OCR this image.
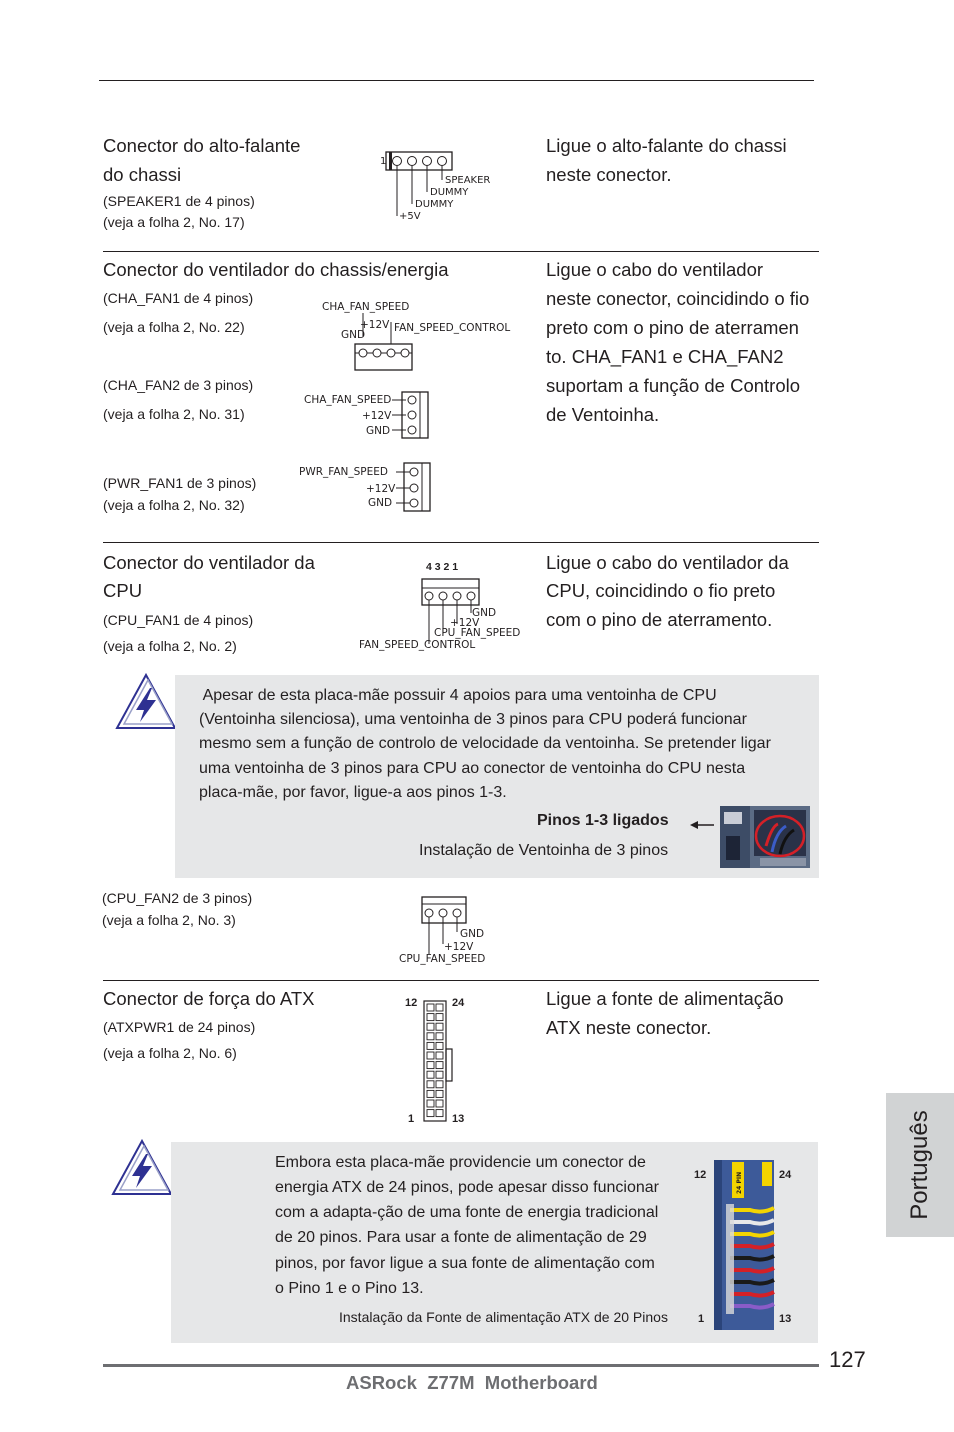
Conector do alto-falante
do chassi
(SPEAKER1 de 4 pinos)
(veja a folha 2, No. 17)
Ligue o alto-falante do chassi
neste conector.
1
SPEAKER
DUMMY
DUMMY
+5V
Conector do ventilador do chassis/energia
(CHA_FAN1 de 4 pinos)
(veja a folha 2, No. 22)
(CHA_FAN2 de 3 pinos)
(veja a folha 2, No. 31)
(PWR_FAN1 de 3 pinos)
(veja a folha 2, No. 32)
Ligue o cabo do ventilador
neste conector, coincidindo o fio
preto com o pino de aterramen
to. CHA_FAN1 e CHA_FAN2
suportam a função de Controlo
de Ventoinha.
CHA_FAN_SPEED
+12V
GND
FAN_SPEED_CONTROL
CHA_FAN_SPEED
+12V
GND
PWR_FAN_SPEED
+12V
GND
Conector do ventilador da
CPU
(CPU_FAN1 de 4 pinos)
(veja a folha 2, No. 2)
Ligue o cabo do ventilador da
CPU, coincidindo o fio preto
com o pino de aterramento.
4 3 2 1
GND
+12V
CPU_FAN_SPEED
FAN_SPEED_CONTROL
Apesar de esta placa-mãe possuir 4 apoios para uma ventoinha de CPU
(Ventoinha silenciosa), uma ventoinha de 3 pinos para CPU poderá funcionar
mesmo sem a função de controlo de velocidade da ventoinha. Se pretender ligar
uma ventoinha de 3 pinos para CPU ao conector de ventoinha do CPU nesta
placa-mãe, por favor, ligue-a aos pinos 1-3.
Pinos 1-3 ligados
Instalação de Ventoinha de 3 pinos
(CPU_FAN2 de 3 pinos)
(veja a folha 2, No. 3)
GND
+12V
CPU_FAN_SPEED
Conector de força do ATX
(ATXPWR1 de 24 pinos)
(veja a folha 2, No. 6)
Ligue a fonte de alimentação
ATX neste conector.
12	24
1	13
Embora esta placa-mãe providencie um conector de
energia ATX de 24 pinos, pode apesar disso funcionar
com a adapta-ção de uma fonte de energia tradicional
de 20 pinos. Para usar a fonte de alimentação de 29
pinos, por favor ligue a sua fonte de alimentação com
o Pino 1 e o Pino 13.
Instalação da Fonte de alimentação ATX de 20 Pinos
12	24
1	13
24 PIN	Português
127
ASRock  Z77M  Motherboard
